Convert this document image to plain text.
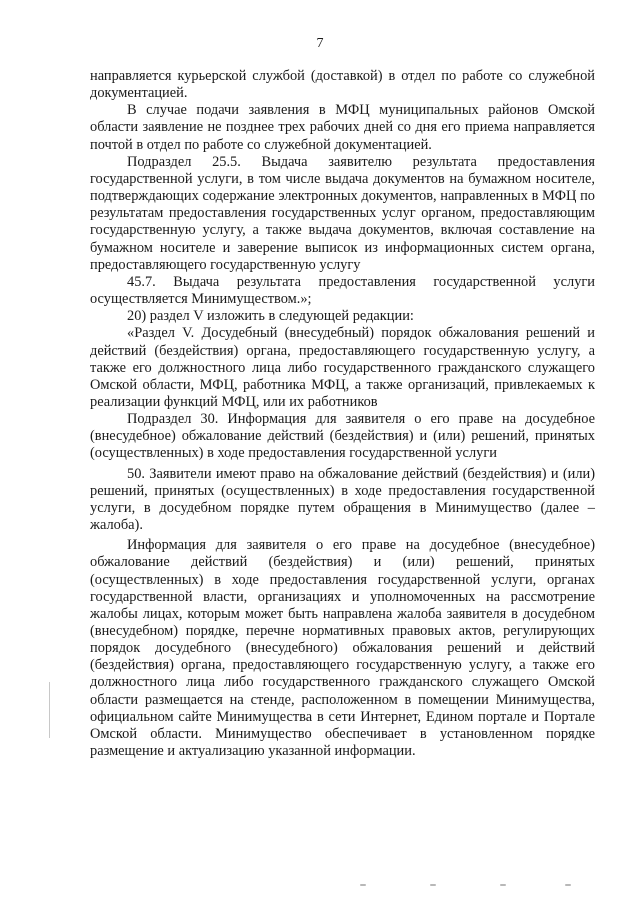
7

направляется курьерской службой (доставкой) в отдел по работе со служебной документацией.

В случае подачи заявления в МФЦ муниципальных районов Омской области заявление не позднее трех рабочих дней со дня его приема направляется почтой в отдел по работе со служебной документацией.

Подраздел 25.5. Выдача заявителю результата предоставления государственной услуги, в том числе выдача документов на бумажном носителе, подтверждающих содержание электронных документов, направленных в МФЦ по результатам предоставления государственных услуг органом, предоставляющим государственную услугу, а также выдача документов, включая составление на бумажном носителе и заверение выписок из информационных систем органа, предоставляющего государственную услугу

45.7. Выдача результата предоставления государственной услуги осуществляется Минимуществом.»;

20) раздел V изложить в следующей редакции:

«Раздел V. Досудебный (внесудебный) порядок обжалования решений и действий (бездействия) органа, предоставляющего государственную услугу, а также его должностного лица либо государственного гражданского служащего Омской области, МФЦ, работника МФЦ, а также организаций, привлекаемых к реализации функций МФЦ, или их работников

Подраздел 30. Информация для заявителя о его праве на досудебное (внесудебное) обжалование действий (бездействия) и (или) решений, принятых (осуществленных) в ходе предоставления государственной услуги

50. Заявители имеют право на обжалование действий (бездействия) и (или) решений, принятых (осуществленных) в ходе предоставления государственной услуги, в досудебном порядке путем обращения в Минимущество (далее – жалоба).

Информация для заявителя о его праве на досудебное (внесудебное) обжалование действий (бездействия) и (или) решений, принятых (осуществленных) в ходе предоставления государственной услуги, органах государственной власти, организациях и уполномоченных на рассмотрение жалобы лицах, которым может быть направлена жалоба заявителя в досудебном (внесудебном) порядке, перечне нормативных правовых актов, регулирующих порядок досудебного (внесудебного) обжалования решений и действий (бездействия) органа, предоставляющего государственную услугу, а также его должностного лица либо государственного гражданского служащего Омской области размещается на стенде, расположенном в помещении Минимущества, официальном сайте Минимущества в сети Интернет, Едином портале и Портале Омской области. Минимущество обеспечивает в установленном порядке размещение и актуализацию указанной информации.
